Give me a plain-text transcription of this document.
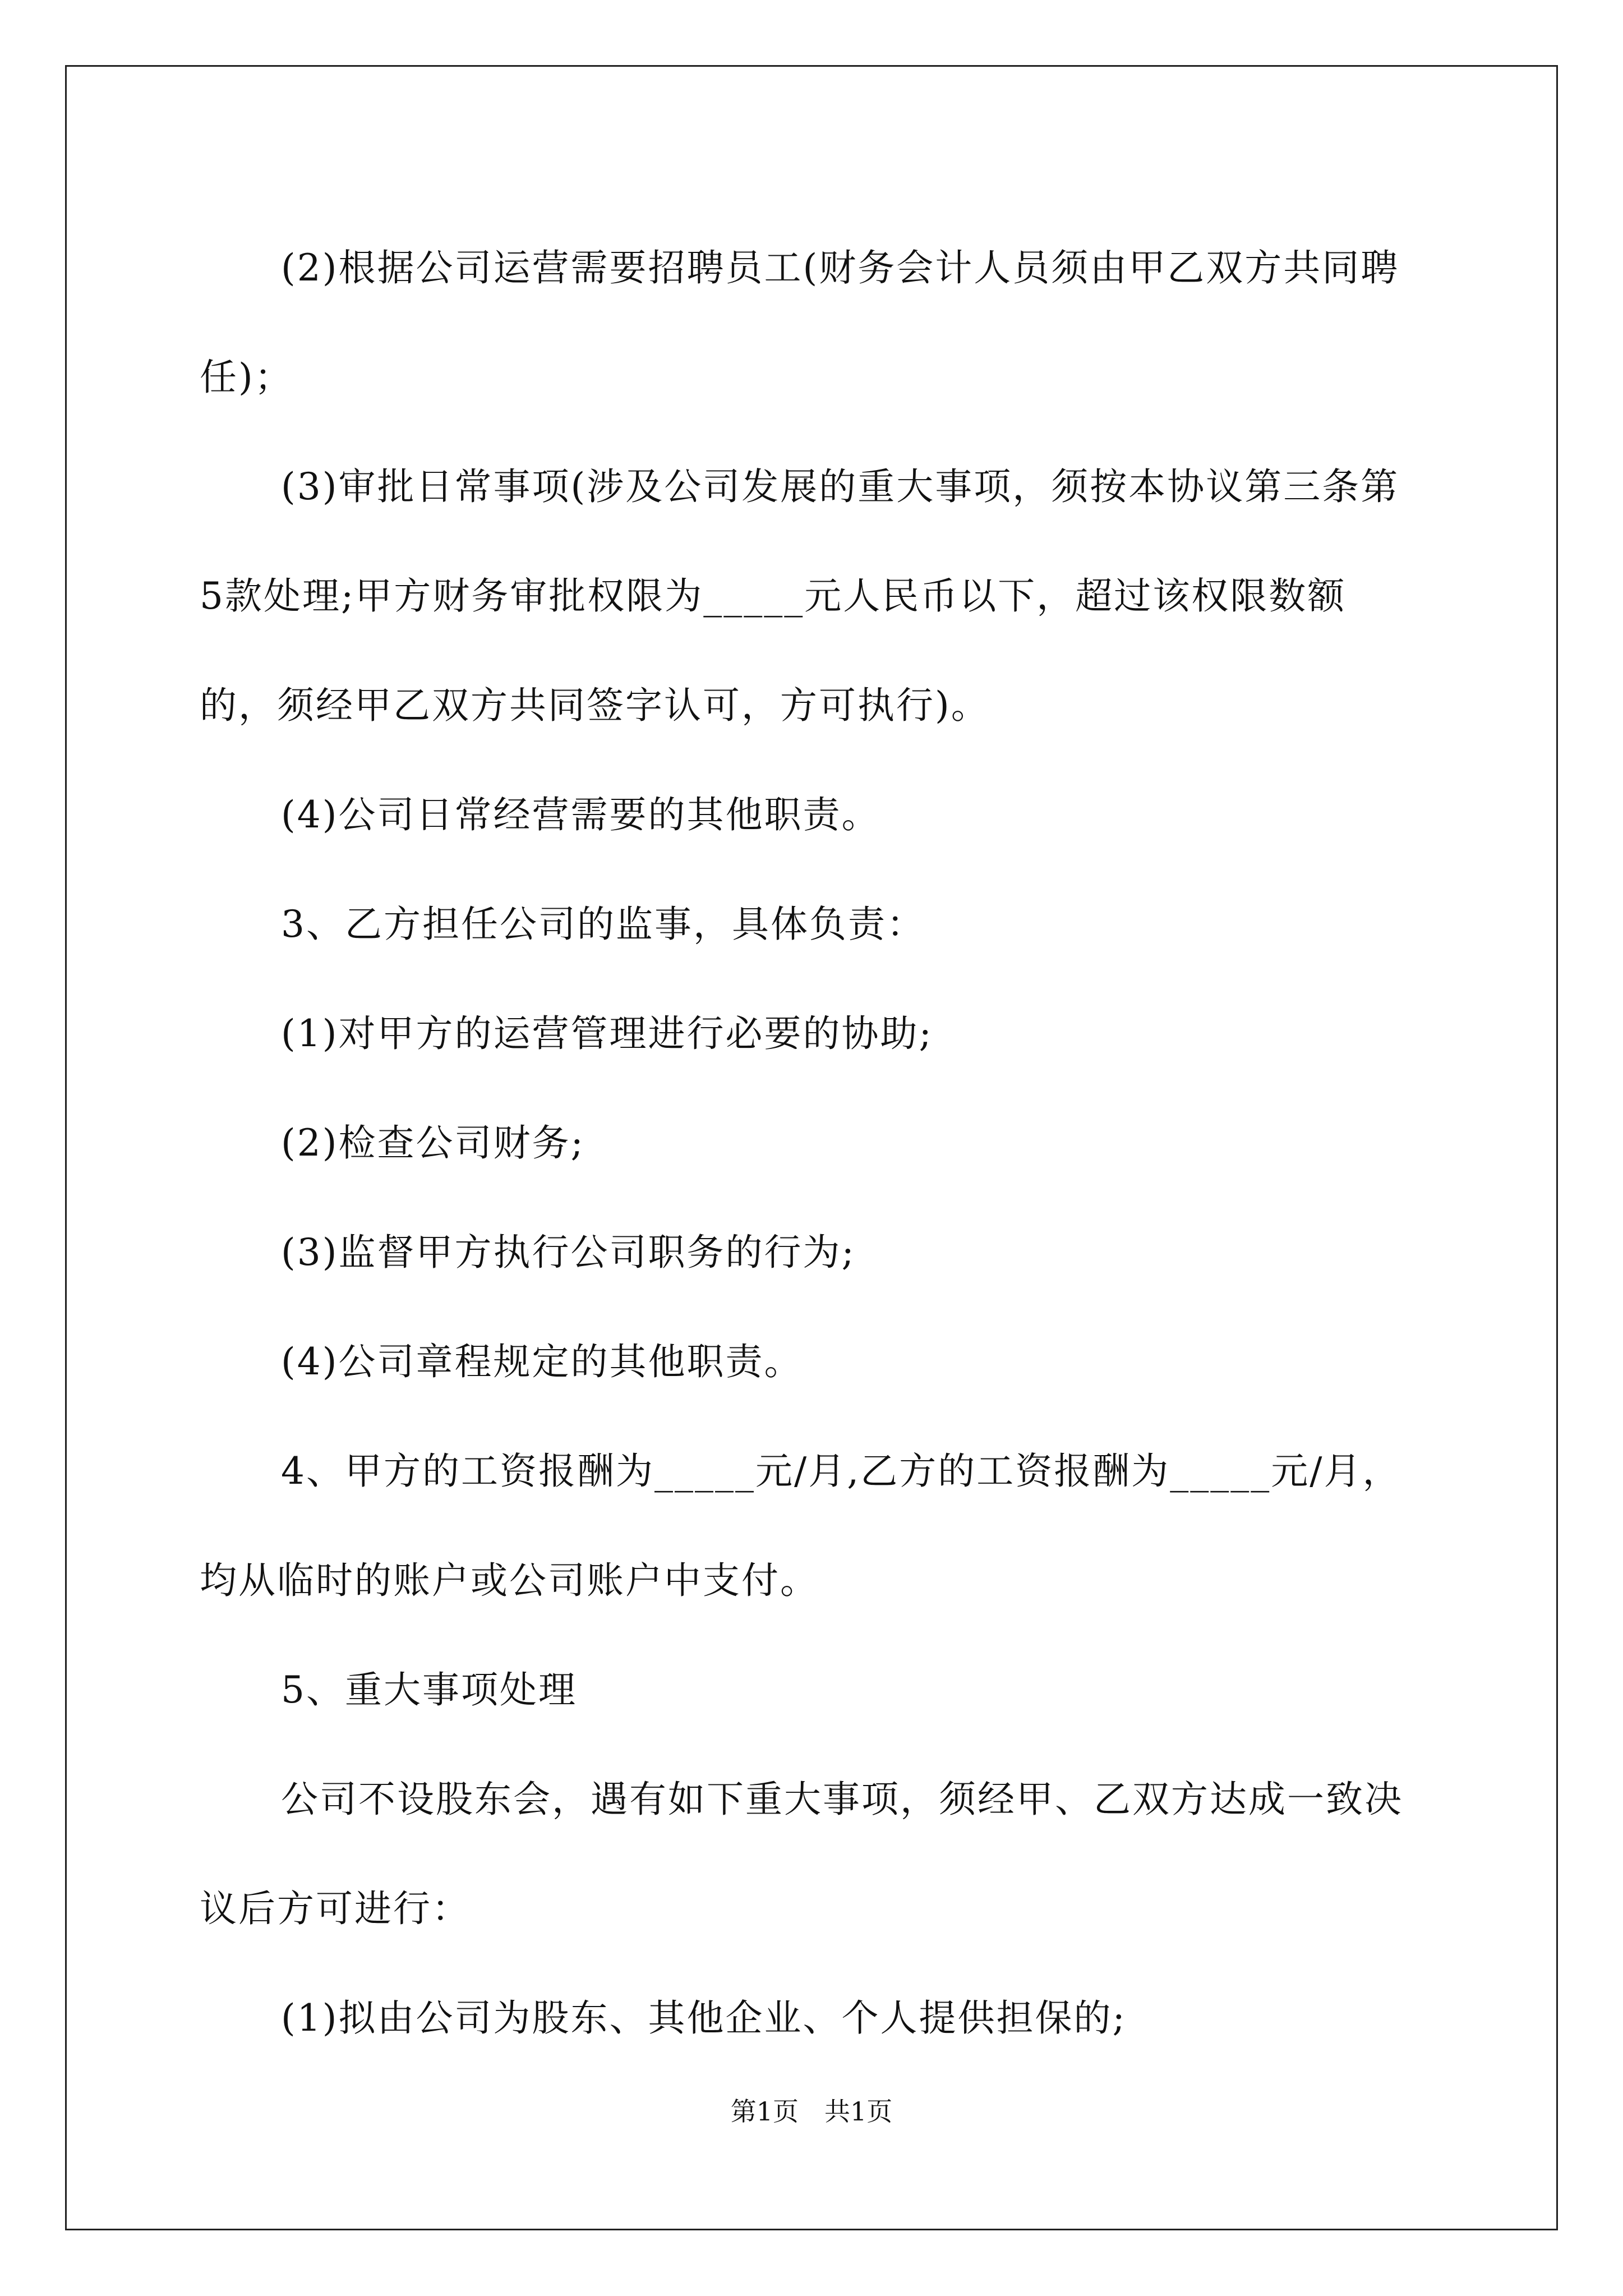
(2)根据公司运营需要招聘员工(财务会计人员须由甲乙双方共同聘任)；

(3)审批日常事项(涉及公司发展的重大事项，须按本协议第三条第5款处理;甲方财务审批权限为_____元人民币以下，超过该权限数额的，须经甲乙双方共同签字认可，方可执行)。

(4)公司日常经营需要的其他职责。

3、乙方担任公司的监事，具体负责：

(1)对甲方的运营管理进行必要的协助;

(2)检查公司财务;

(3)监督甲方执行公司职务的行为;

(4)公司章程规定的其他职责。

4、甲方的工资报酬为_____元/月,乙方的工资报酬为_____元/月，均从临时的账户或公司账户中支付。

5、重大事项处理

公司不设股东会，遇有如下重大事项，须经甲、乙双方达成一致决议后方可进行：

(1)拟由公司为股东、其他企业、个人提供担保的;

第1页　共1页
